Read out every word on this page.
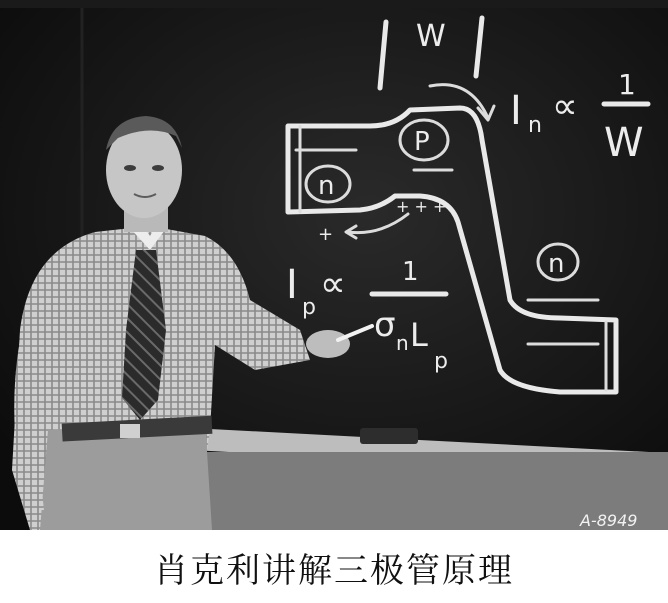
W
P
n
n
I n ∝
1
W
I p
∝ 1
σ n L
p
+ + +
+
— — —
A-8949
肖克利讲解三极管原理
